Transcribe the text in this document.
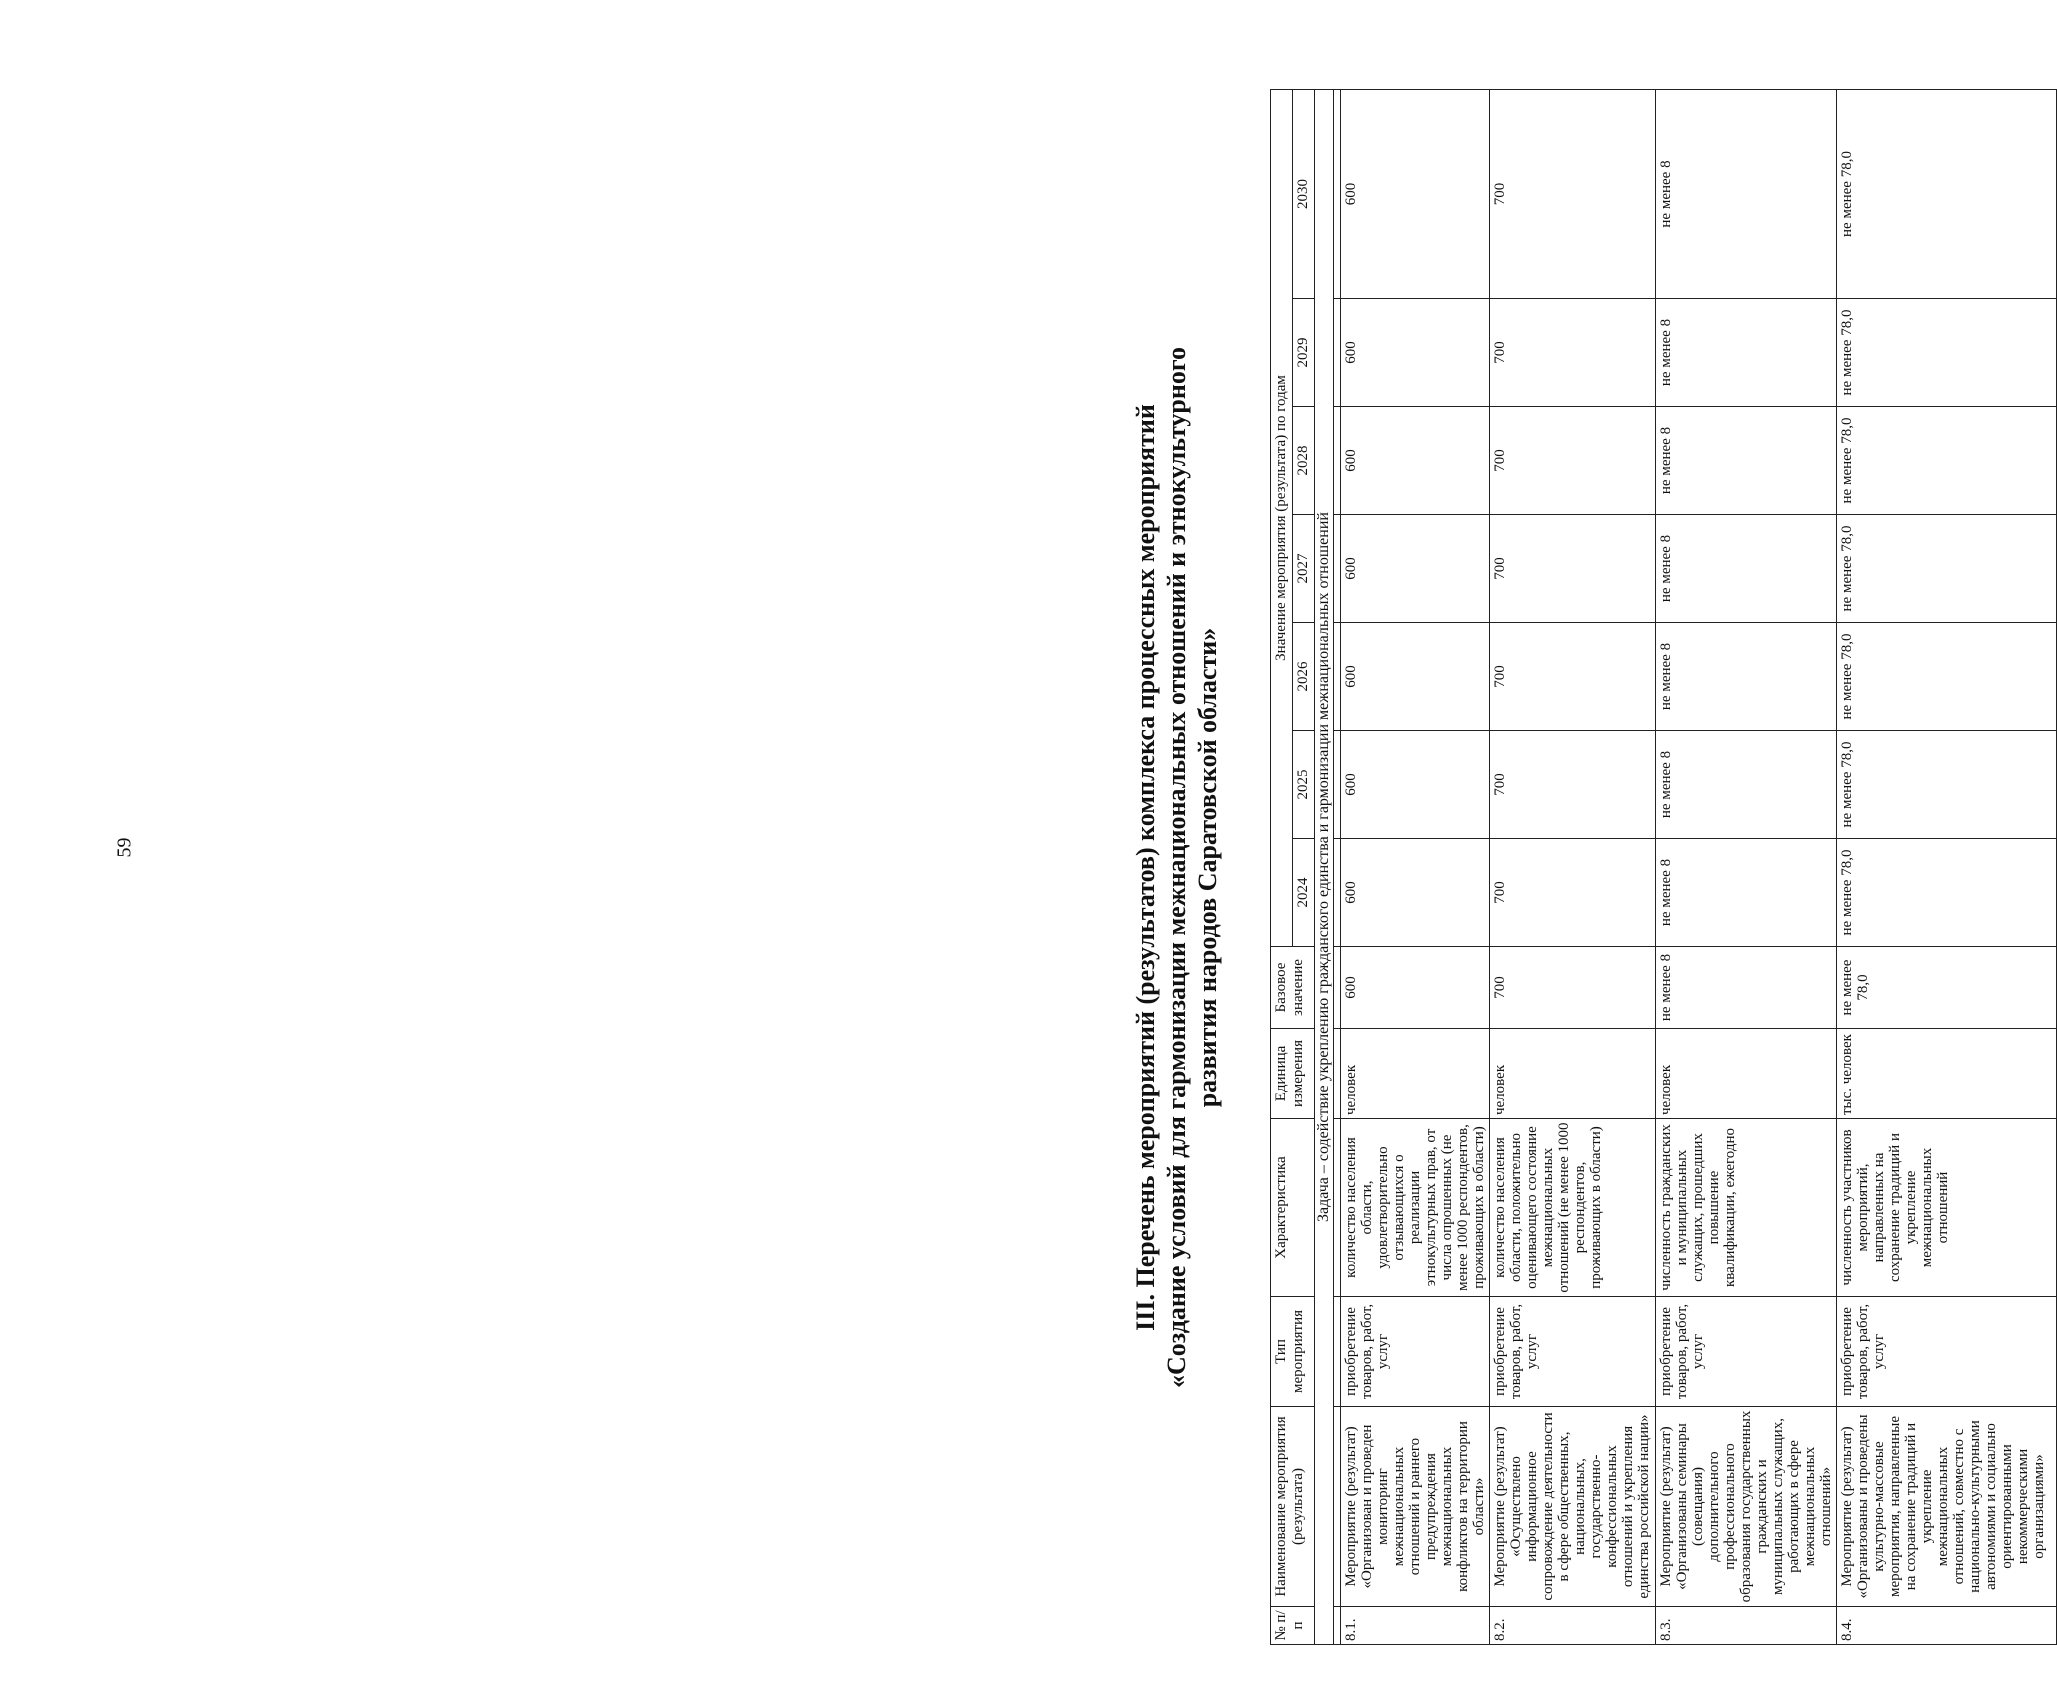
59	III. Перечень мероприятий (результатов) комплекса процессных мероприятий «Создание условий для гармонизации межнациональных отношений и этнокультурного развития народов Саратовской области»
№ п/п	Наименование мероприятия (результата)	Тип мероприятия	Характеристика	Единица измерения	Базовое значение	Значение мероприятия (результата) по годам						
						2024	2025	2026	2027	2028	2029	2030
Задача – содействие укреплению гражданского единства и гармонизации межнациональных отношений												

8.1.	Мероприятие (результат) «Организован и проведен мониторинг межнациональных отношений и раннего предупреждения межнациональных конфликтов на территории области»	приобретение товаров, работ, услуг	количество населения области, удовлетворительно отзывающихся о реализации этнокультурных прав, от числа опрошенных (не менее 1000 респондентов, проживающих в области)	человек	600	600	600	600	600	600	600	600
8.2.	Мероприятие (результат) «Осуществлено информационное сопровождение деятельности в сфере общественных, национальных, государственно-конфессиональных отношений и укрепления единства российской нации»	приобретение товаров, работ, услуг	количество населения области, положительно оценивающего состояние межнациональных отношений (не менее 1000 респондентов, проживающих в области)	человек	700	700	700	700	700	700	700	700
8.3.	Мероприятие (результат) «Организованы семинары (совещания) дополнительного профессионального образования государственных гражданских и муниципальных служащих, работающих в сфере межнациональных отношений»	приобретение товаров, работ, услуг	численность гражданских и муниципальных служащих, прошедших повышение квалификации, ежегодно	человек	не менее 8	не менее 8	не менее 8	не менее 8	не менее 8	не менее 8	не менее 8	не менее 8
8.4.	Мероприятие (результат) «Организованы и проведены культурно-массовые мероприятия, направленные на сохранение традиций и укрепление межнациональных отношений, совместно с национально-культурными автономиями и социально ориентированными некоммерческими организациями»	приобретение товаров, работ, услуг	численность участников мероприятий, направленных на сохранение традиций и укрепление межнациональных отношений	тыс. человек	не менее 78,0	не менее 78,0	не менее 78,0	не менее 78,0	не менее 78,0	не менее 78,0	не менее 78,0	не менее 78,0
